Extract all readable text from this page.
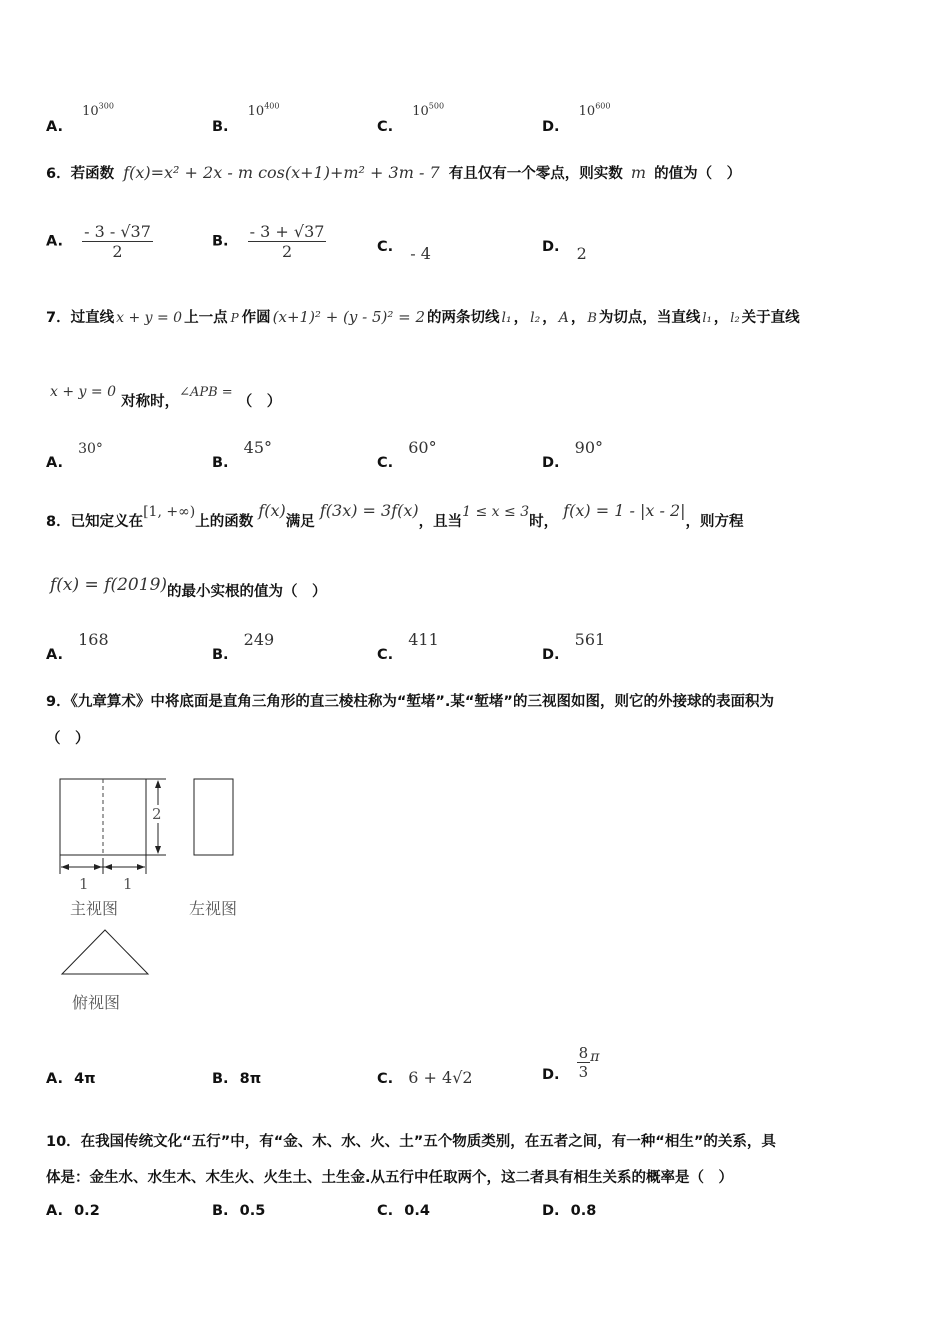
A. $10^{300}$
B. $10^{400}$
C. $10^{500}$
D. $10^{600}$
6．若函数 f(x)=x² + 2x - m cos(x+1)+m² + 3m - 7 有且仅有一个零点，则实数 m 的值为（　）
A. $\frac{- 3 - √37}{2}$	B. $\frac{- 3 + √37}{2}$	C. - 4	D. 2
7．过直线 x + y = 0 上一点 P 作圆 (x+1)² + (y - 5)² = 2 的两条切线 l₁ ， l₂ ， A ， B 为切点，当直线 l₁ ， l₂ 关于直线
x + y = 0 对称时，∠APB = （　）
A. 30°
B. 45°
C. 60°
D. 90°
8．已知定义在[1, +∞)上的函数 f(x)满足 f(3x) = 3f(x)，且当1 ≤ x ≤ 3时， f(x) = 1 - |x - 2|，则方程
f(x) = f(2019)的最小实根的值为（　）
A. 168
B. 249
C. 411
D. 561
9．《九章算术》中将底面是直角三角形的直三棱柱称为“堑堵”.某“堑堵”的三视图如图，则它的外接球的表面积为
（　）
2
1 1
主视图	左视图
俯视图
A. 4π	B. 8π	C. 6 + 4√2	D. $\frac{8}{3}$ π
10．在我国传统文化“五行”中，有“金、木、水、火、土”五个物质类别，在五者之间，有一种“相生”的关系，具
体是：金生水、水生木、木生火、火生土、土生金.从五行中任取两个，这二者具有相生关系的概率是（　）
A. 0.2	B. 0.5	C. 0.4	D. 0.8
